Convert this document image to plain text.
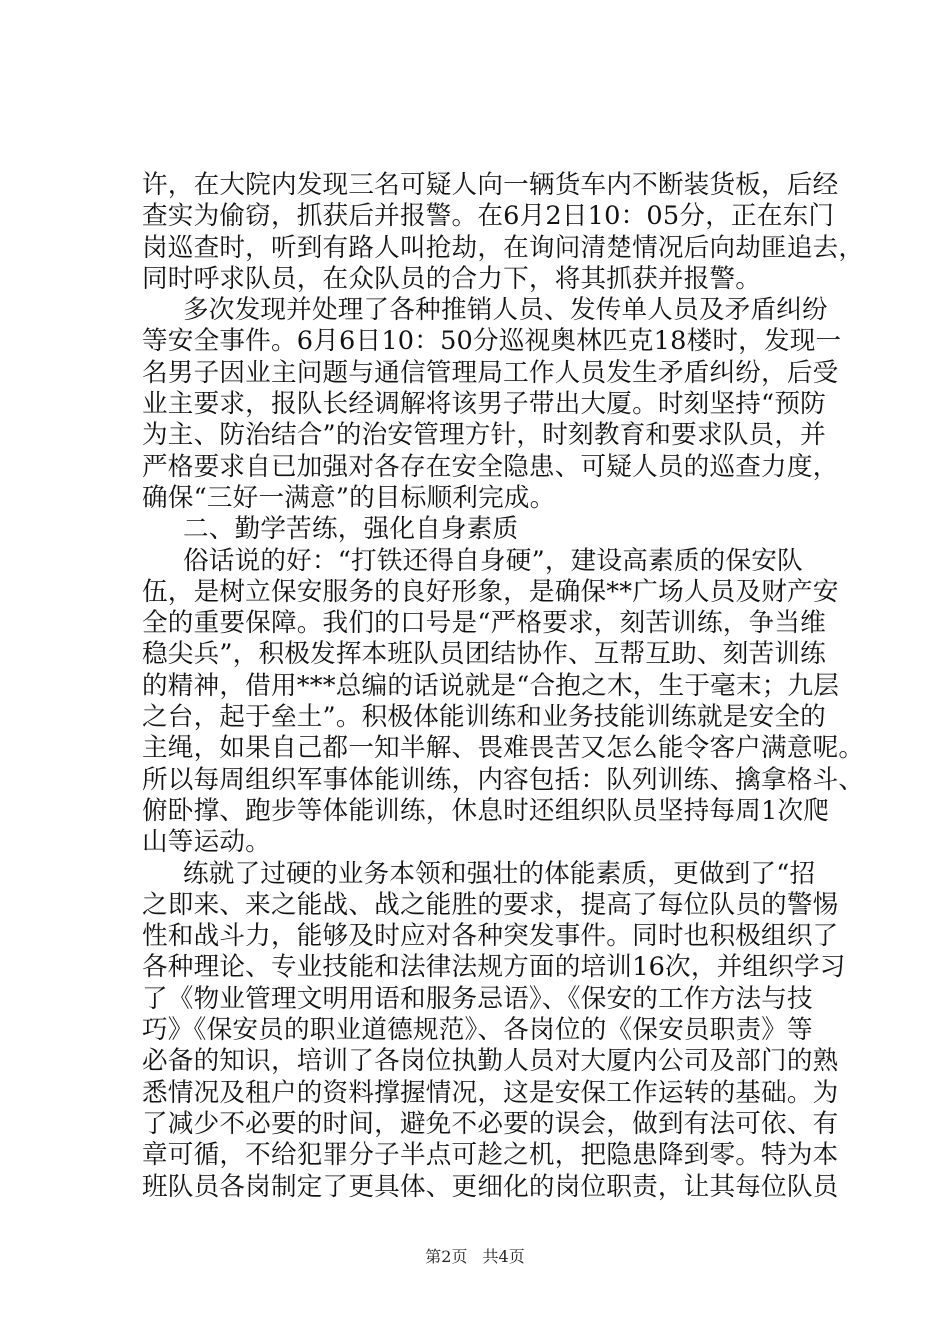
许，在大院内发现三名可疑人向一辆货车内不断装货板，后经
查实为偷窃，抓获后并报警。在6月2日10：05分，正在东门
岗巡查时，听到有路人叫抢劫，在询问清楚情况后向劫匪追去，
同时呼求队员，在众队员的合力下，将其抓获并报警。
多次发现并处理了各种推销人员、发传单人员及矛盾纠纷
等安全事件。6月6日10：50分巡视奥林匹克18楼时，发现一
名男子因业主问题与通信管理局工作人员发生矛盾纠纷，后受
业主要求，报队长经调解将该男子带出大厦。时刻坚持“预防
为主、防治结合”的治安管理方针，时刻教育和要求队员，并
严格要求自已加强对各存在安全隐患、可疑人员的巡查力度，
确保“三好一满意”的目标顺利完成。
二、勤学苦练，强化自身素质
俗话说的好：“打铁还得自身硬”，建设高素质的保安队
伍，是树立保安服务的良好形象，是确保**广场人员及财产安
全的重要保障。我们的口号是“严格要求，刻苦训练，争当维
稳尖兵”，积极发挥本班队员团结协作、互帮互助、刻苦训练
的精神，借用***总编的话说就是“合抱之木，生于毫末；九层
之台，起于垒土”。积极体能训练和业务技能训练就是安全的
主绳，如果自己都一知半解、畏难畏苦又怎么能令客户满意呢。
所以每周组织军事体能训练，内容包括：队列训练、擒拿格斗、
俯卧撑、跑步等体能训练，休息时还组织队员坚持每周1次爬
山等运动。
练就了过硬的业务本领和强壮的体能素质，更做到了“招
之即来、来之能战、战之能胜的要求，提高了每位队员的警惕
性和战斗力，能够及时应对各种突发事件。同时也积极组织了
各种理论、专业技能和法律法规方面的培训16次，并组织学习
了《物业管理文明用语和服务忌语》、《保安的工作方法与技
巧》《保安员的职业道德规范》、各岗位的《保安员职责》等
必备的知识，培训了各岗位执勤人员对大厦内公司及部门的熟
悉情况及租户的资料撑握情况，这是安保工作运转的基础。为
了减少不必要的时间，避免不必要的误会，做到有法可依、有
章可循，不给犯罪分子半点可趁之机，把隐患降到零。特为本
班队员各岗制定了更具体、更细化的岗位职责，让其每位队员
第2页 共4页
